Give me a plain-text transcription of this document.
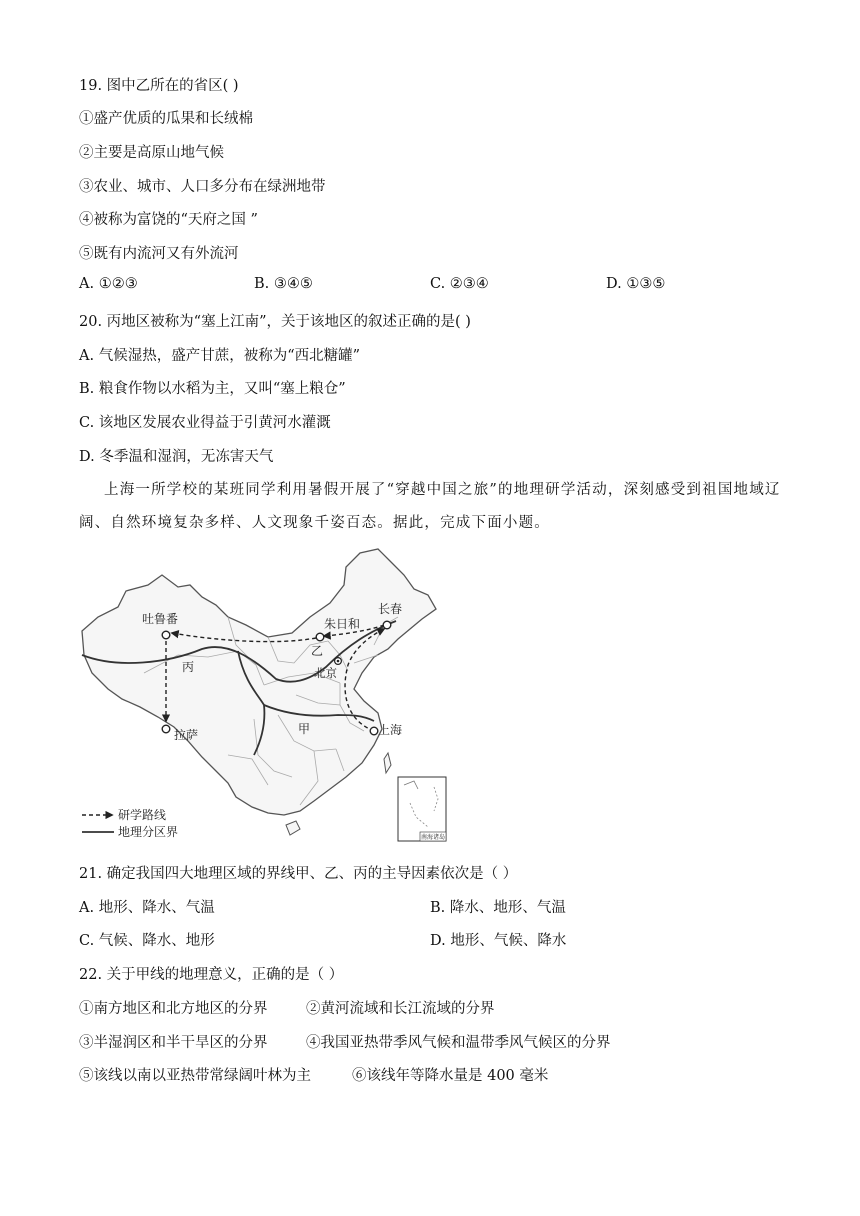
19. 图中乙所在的省区( )
①盛产优质的瓜果和长绒棉
②主要是高原山地气候
③农业、城市、人口多分布在绿洲地带
④被称为富饶的“天府之国 ”
⑤既有内流河又有外流河
A. ①②③	B. ③④⑤	C. ②③④	D. ①③⑤
20. 丙地区被称为“塞上江南”，关于该地区的叙述正确的是( )
A. 气候湿热，盛产甘蔗，被称为“西北糖罐”
B. 粮食作物以水稻为主，又叫“塞上粮仓”
C. 该地区发展农业得益于引黄河水灌溉
D. 冬季温和湿润，无冻害天气
上海一所学校的某班同学利用暑假开展了“穿越中国之旅”的地理研学活动，深刻感受到祖国地域辽阔、自然环境复杂多样、人文现象千姿百态。据此，完成下面小题。
吐鲁番	朱日和
长春
北京
拉萨	上海
甲
乙
丙
南海诸岛
研学路线
地理分区界
21. 确定我国四大地理区域的界线甲、乙、丙的主导因素依次是（ ）
A. 地形、降水、气温	B. 降水、地形、气温
C. 气候、降水、地形	D. 地形、气候、降水
22. 关于甲线的地理意义，正确的是（ ）
①南方地区和北方地区的分界	②黄河流域和长江流域的分界
③半湿润区和半干旱区的分界	④我国亚热带季风气候和温带季风气候区的分界
⑤该线以南以亚热带常绿阔叶林为主	⑥该线年等降水量是 400 毫米
